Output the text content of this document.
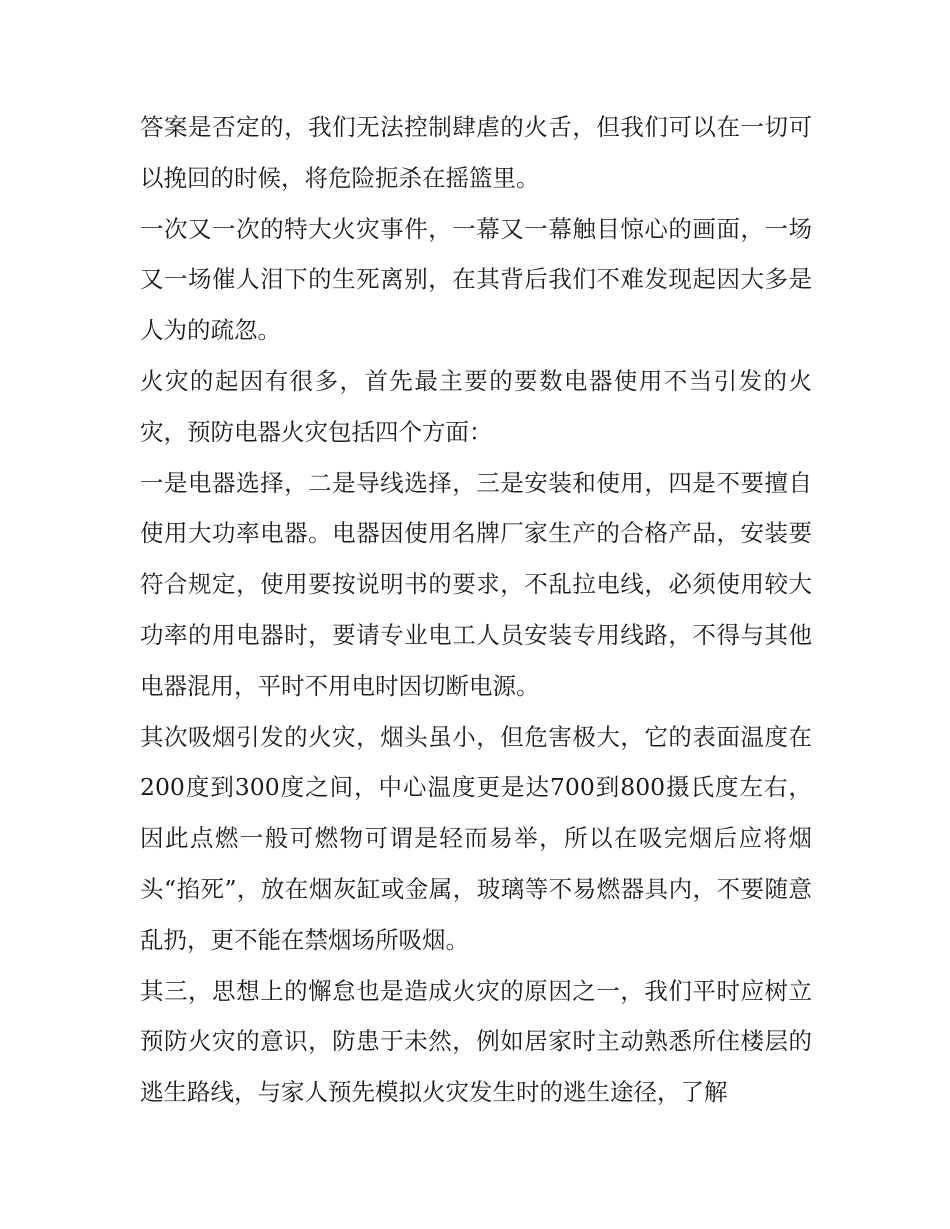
答案是否定的，我们无法控制肆虐的火舌，但我们可以在一切可以挽回的时候，将危险扼杀在摇篮里。

一次又一次的特大火灾事件，一幕又一幕触目惊心的画面，一场又一场催人泪下的生死离别，在其背后我们不难发现起因大多是人为的疏忽。

火灾的起因有很多，首先最主要的要数电器使用不当引发的火灾，预防电器火灾包括四个方面：

一是电器选择，二是导线选择，三是安装和使用，四是不要擅自使用大功率电器。电器因使用名牌厂家生产的合格产品，安装要符合规定，使用要按说明书的要求，不乱拉电线，必须使用较大功率的用电器时，要请专业电工人员安装专用线路，不得与其他电器混用，平时不用电时因切断电源。

其次吸烟引发的火灾，烟头虽小，但危害极大，它的表面温度在200度到300度之间，中心温度更是达700到800摄氏度左右，因此点燃一般可燃物可谓是轻而易举，所以在吸完烟后应将烟头“掐死”，放在烟灰缸或金属，玻璃等不易燃器具内，不要随意乱扔，更不能在禁烟场所吸烟。

其三，思想上的懈怠也是造成火灾的原因之一，我们平时应树立预防火灾的意识，防患于未然，例如居家时主动熟悉所住楼层的逃生路线，与家人预先模拟火灾发生时的逃生途径，了解
